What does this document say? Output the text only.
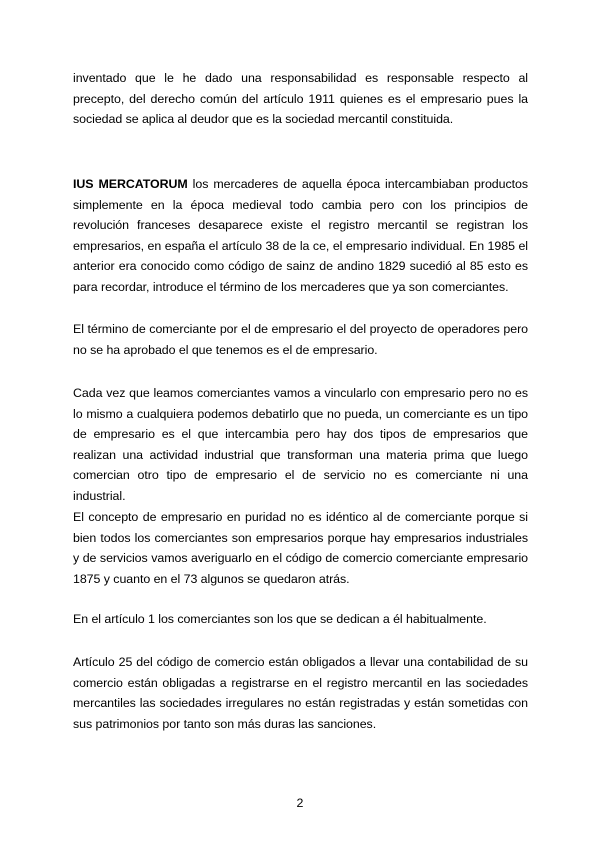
inventado que le he dado una responsabilidad es responsable respecto al precepto, del derecho común del artículo 1911 quienes es el empresario pues la sociedad se aplica al deudor que es la sociedad mercantil constituida.

IUS MERCATORUM los mercaderes de aquella época intercambiaban productos simplemente en la época medieval todo cambia pero con los principios de revolución franceses desaparece existe el registro mercantil se registran los empresarios, en españa el artículo 38 de la ce, el empresario individual. En 1985 el anterior era conocido como código de sainz de andino 1829 sucedió al 85 esto es para recordar, introduce el término de los mercaderes que ya son comerciantes.

El término de comerciante por el de empresario el del proyecto de operadores pero no se ha aprobado el que tenemos es el de empresario.

Cada vez que leamos comerciantes vamos a vincularlo con empresario pero no es lo mismo a cualquiera podemos debatirlo que no pueda, un comerciante es un tipo de empresario es el que intercambia pero hay dos tipos de empresarios que realizan una actividad industrial que transforman una materia prima que luego comercian otro tipo de empresario el de servicio no es comerciante ni una industrial.

El concepto de empresario en puridad no es idéntico al de comerciante porque si bien todos los comerciantes son empresarios porque hay empresarios industriales y de servicios vamos averiguarlo en el código de comercio comerciante empresario 1875 y cuanto en el 73 algunos se quedaron atrás.

En el artículo 1 los comerciantes son los que se dedican a él habitualmente.

Artículo 25 del código de comercio están obligados a llevar una contabilidad de su comercio están obligadas a registrarse en el registro mercantil en las sociedades mercantiles las sociedades irregulares no están registradas y están sometidas con sus patrimonios por tanto son más duras las sanciones.

2
